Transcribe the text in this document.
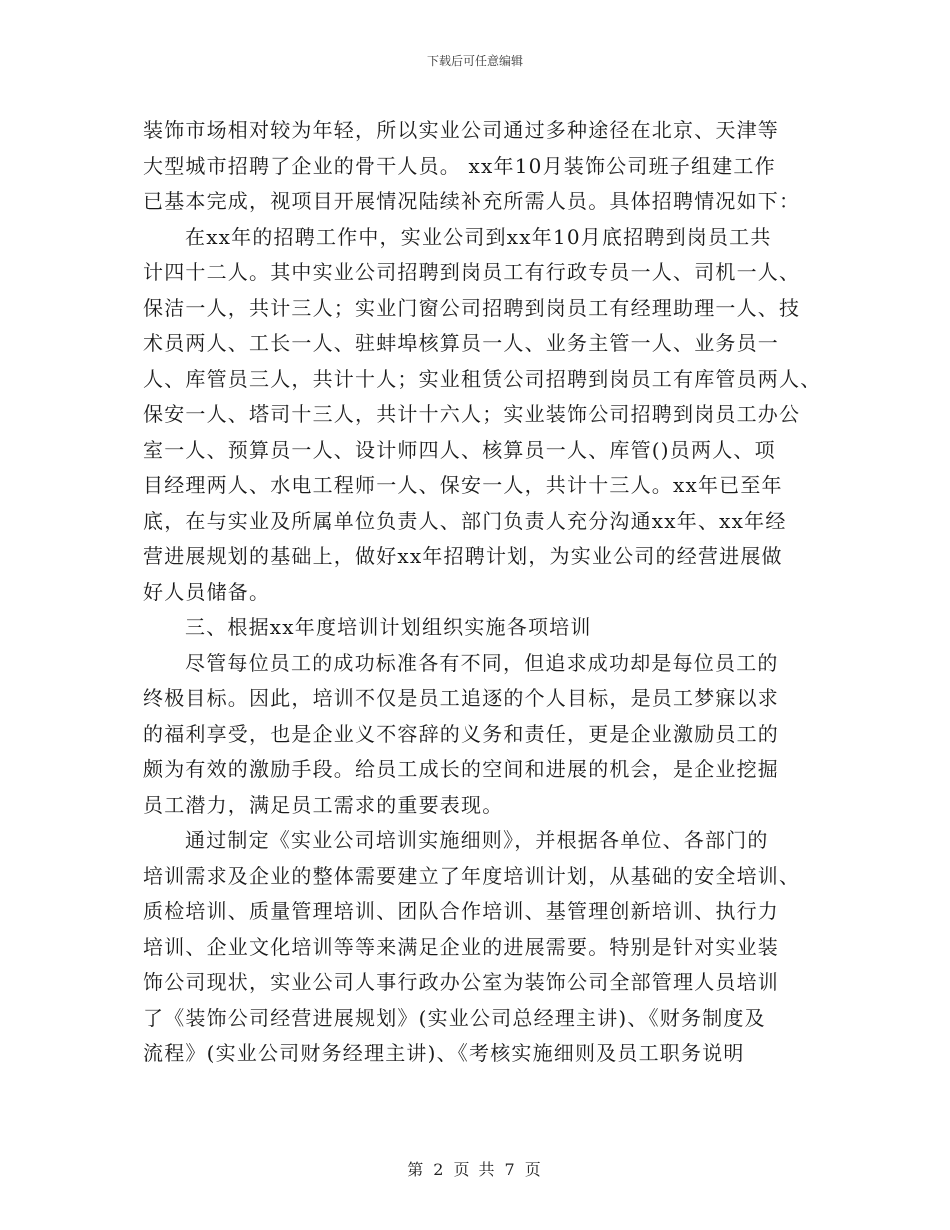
下载后可任意编辑
装饰市场相对较为年轻，所以实业公司通过多种途径在北京、天津等
大型城市招聘了企业的骨干人员。 xx年10月装饰公司班子组建工作
已基本完成，视项目开展情况陆续补充所需人员。具体招聘情况如下：
在xx年的招聘工作中，实业公司到xx年10月底招聘到岗员工共
计四十二人。其中实业公司招聘到岗员工有行政专员一人、司机一人、
保洁一人，共计三人；实业门窗公司招聘到岗员工有经理助理一人、技
术员两人、工长一人、驻蚌埠核算员一人、业务主管一人、业务员一
人、库管员三人，共计十人；实业租赁公司招聘到岗员工有库管员两人、
保安一人、塔司十三人，共计十六人；实业装饰公司招聘到岗员工办公
室一人、预算员一人、设计师四人、核算员一人、库管()员两人、项
目经理两人、水电工程师一人、保安一人，共计十三人。xx年已至年
底，在与实业及所属单位负责人、部门负责人充分沟通xx年、xx年经
营进展规划的基础上，做好xx年招聘计划，为实业公司的经营进展做
好人员储备。
三、根据xx年度培训计划组织实施各项培训
尽管每位员工的成功标准各有不同，但追求成功却是每位员工的
终极目标。因此，培训不仅是员工追逐的个人目标，是员工梦寐以求
的福利享受，也是企业义不容辞的义务和责任，更是企业激励员工的
颇为有效的激励手段。给员工成长的空间和进展的机会，是企业挖掘
员工潜力，满足员工需求的重要表现。
通过制定《实业公司培训实施细则》，并根据各单位、各部门的
培训需求及企业的整体需要建立了年度培训计划，从基础的安全培训、
质检培训、质量管理培训、团队合作培训、基管理创新培训、执行力
培训、企业文化培训等等来满足企业的进展需要。特别是针对实业装
饰公司现状，实业公司人事行政办公室为装饰公司全部管理人员培训
了《装饰公司经营进展规划》(实业公司总经理主讲)、《财务制度及
流程》(实业公司财务经理主讲)、《考核实施细则及员工职务说明
第 2 页 共 7 页
